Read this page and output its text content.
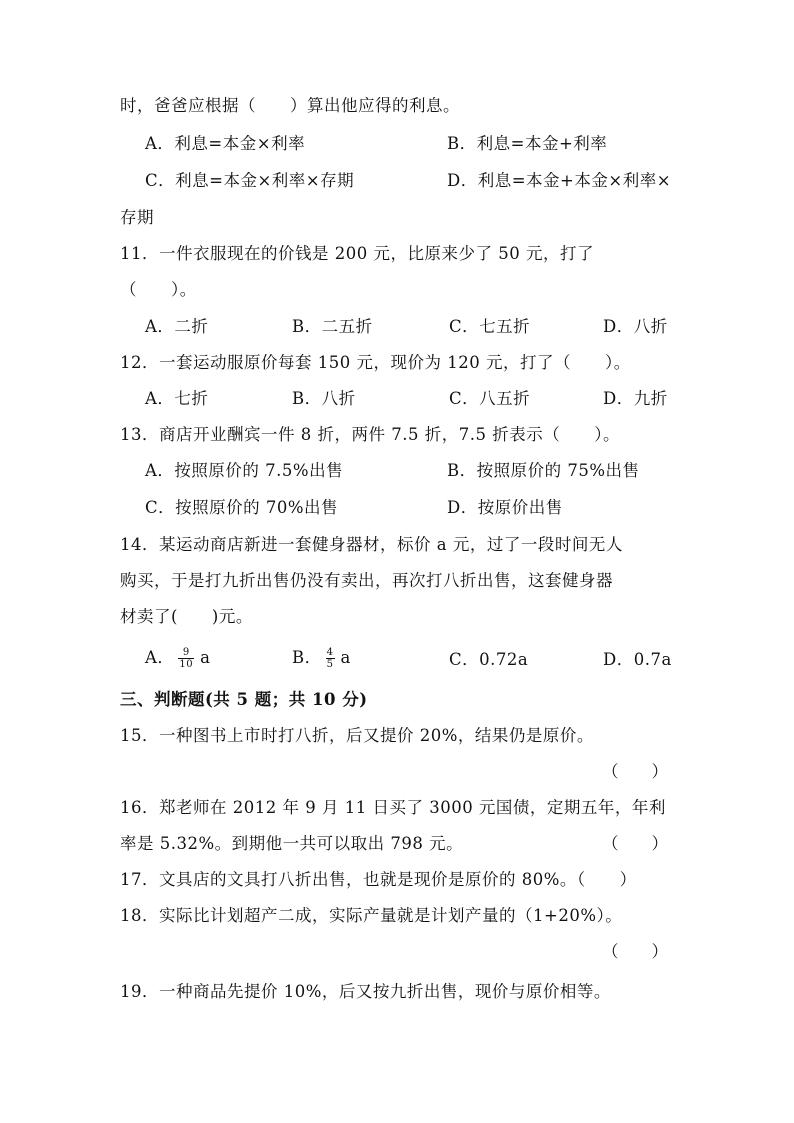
时，爸爸应根据（　　）算出他应得的利息。
A．利息=本金×利率	B．利息=本金+利率
C．利息=本金×利率×存期	D．利息=本金+本金×利率×
存期
11．一件衣服现在的价钱是 200 元，比原来少了 50 元，打了
（　　）。
A．二折	B．二五折	C．七五折	D．八折
12．一套运动服原价每套 150 元，现价为 120 元，打了（　　）。
A．七折	B．八折	C．八五折	D．九折
13．商店开业酬宾一件 8 折，两件 7.5 折，7.5 折表示（　　）。
A．按照原价的 7.5%出售	B．按照原价的 75%出售
C．按照原价的 70%出售	D．按原价出售
14．某运动商店新进一套健身器材，标价 a 元，过了一段时间无人
购买，于是打九折出售仍没有卖出，再次打八折出售，这套健身器
材卖了(　　)元。
A． $\frac{9}{10}$ a	B． $\frac{4}{5}$ a	C．0.72a	D．0.7a
三、判断题(共 5 题；共 10 分)
15．一种图书上市时打八折，后又提价 20%，结果仍是原价。
（　　）
16．郑老师在 2012 年 9 月 11 日买了 3000 元国债，定期五年，年利
率是 5.32%。到期他一共可以取出 798 元。	（　　）
17．文具店的文具打八折出售，也就是现价是原价的 80%。（　　）
18．实际比计划超产二成，实际产量就是计划产量的（1+20%）。
（　　）
19．一种商品先提价 10%，后又按九折出售，现价与原价相等。
